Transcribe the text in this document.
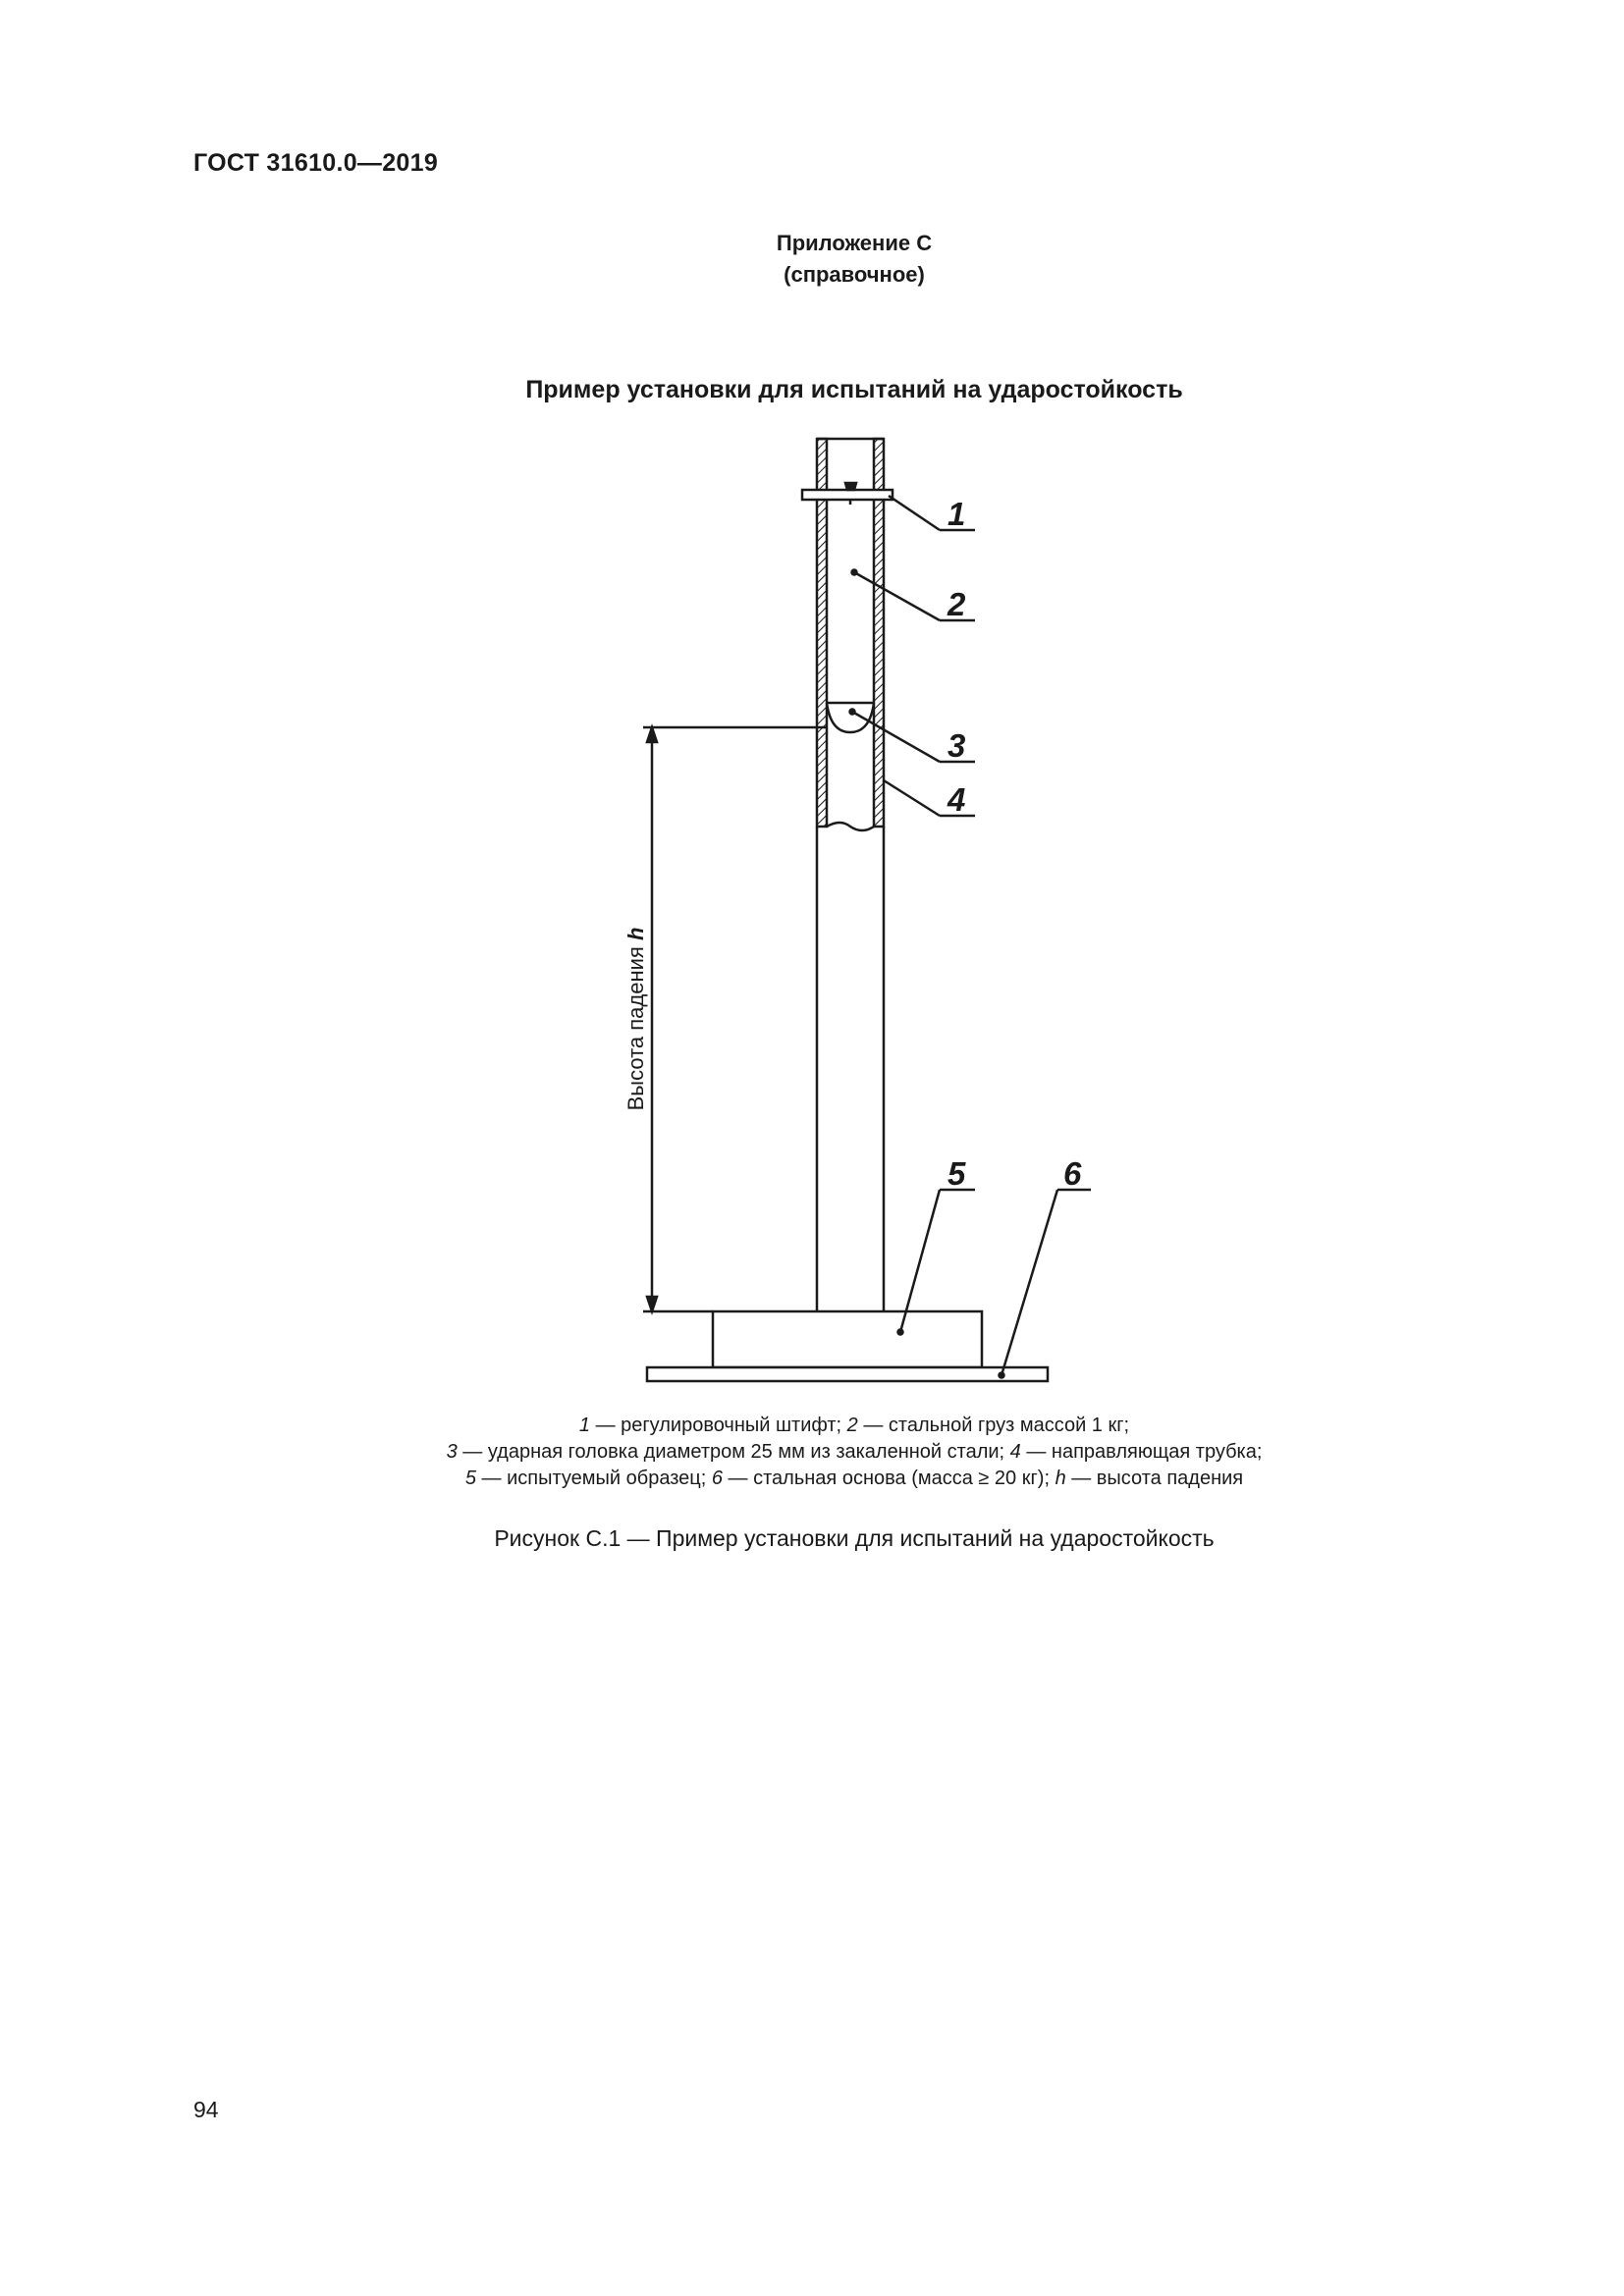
ГОСТ 31610.0—2019
Приложение С
(справочное)
Пример установки для испытаний на ударостойкость
1
2
3
4
5	6
Высота падения h
1 — регулировочный штифт; 2 — стальной груз массой 1 кг;
3 — ударная головка диаметром 25 мм из закаленной стали; 4 — направляющая трубка;
5 — испытуемый образец; 6 — стальная основа (масса ≥ 20 кг); h — высота падения
Рисунок С.1 — Пример установки для испытаний на ударостойкость
94
